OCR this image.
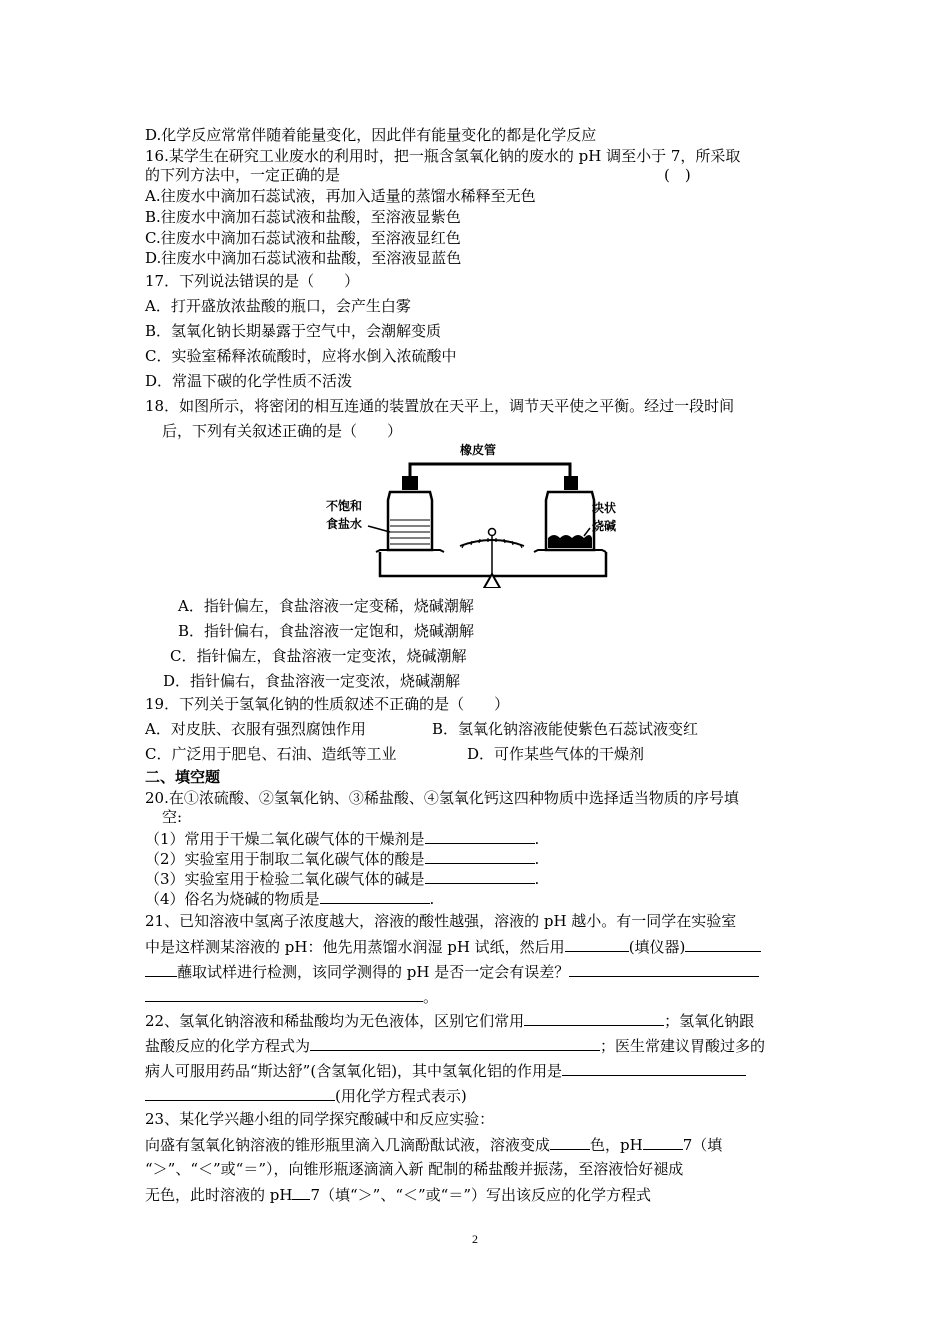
D.化学反应常常伴随着能量变化，因此伴有能量变化的都是化学反应
16.某学生在研究工业废水的利用时，把一瓶含氢氧化钠的废水的 pH 调至小于 7，所采取
的下列方法中，一定正确的是	(　)
A.往废水中滴加石蕊试液，再加入适量的蒸馏水稀释至无色
B.往废水中滴加石蕊试液和盐酸，至溶液显紫色
C.往废水中滴加石蕊试液和盐酸，至溶液显红色
D.往废水中滴加石蕊试液和盐酸，至溶液显蓝色
17．下列说法错误的是（　　）
A．打开盛放浓盐酸的瓶口，会产生白雾
B．氢氧化钠长期暴露于空气中，会潮解变质
C．实验室稀释浓硫酸时，应将水倒入浓硫酸中
D．常温下碳的化学性质不活泼
18．如图所示，将密闭的相互连通的装置放在天平上，调节天平使之平衡。经过一段时间
后，下列有关叙述正确的是（　　）
橡皮管
不饱和
食盐水
块状
烧碱
A．指针偏左，食盐溶液一定变稀，烧碱潮解
B．指针偏右，食盐溶液一定饱和，烧碱潮解
C．指针偏左，食盐溶液一定变浓，烧碱潮解
D．指针偏右，食盐溶液一定变浓，烧碱潮解
19．下列关于氢氧化钠的性质叙述不正确的是（　　）
A．对皮肤、衣服有强烈腐蚀作用	B．氢氧化钠溶液能使紫色石蕊试液变红
C．广泛用于肥皂、石油、造纸等工业	D．可作某些气体的干燥剂
二、填空题
20.在①浓硫酸、②氢氧化钠、③稀盐酸、④氢氧化钙这四种物质中选择适当物质的序号填
空:
（1）常用于干燥二氧化碳气体的干燥剂是	.
（2）实验室用于制取二氧化碳气体的酸是	.
（3）实验室用于检验二氧化碳气体的碱是	.
（4）俗名为烧碱的物质是	.
21、已知溶液中氢离子浓度越大，溶液的酸性越强，溶液的 pH 越小。有一同学在实验室
中是这样测某溶液的 pH：他先用蒸馏水润湿 pH 试纸，然后用	(填仪器)
蘸取试样进行检测，该同学测得的 pH 是否一定会有误差？
。
22、氢氧化钠溶液和稀盐酸均为无色液体，区别它们常用	；氢氧化钠跟
盐酸反应的化学方程式为	；医生常建议胃酸过多的
病人可服用药品“斯达舒”(含氢氧化铝)，其中氢氧化铝的作用是
(用化学方程式表示)
23、某化学兴趣小组的同学探究酸碱中和反应实验：
向盛有氢氧化钠溶液的锥形瓶里滴入几滴酚酞试液，溶液变成	色，pH	7（填
“＞”、“＜”或“＝”），向锥形瓶逐滴滴入新 配制的稀盐酸并振荡，至溶液恰好褪成
无色，此时溶液的 pH 7（填“＞”、“＜”或“＝”）写出该反应的化学方程式
2
